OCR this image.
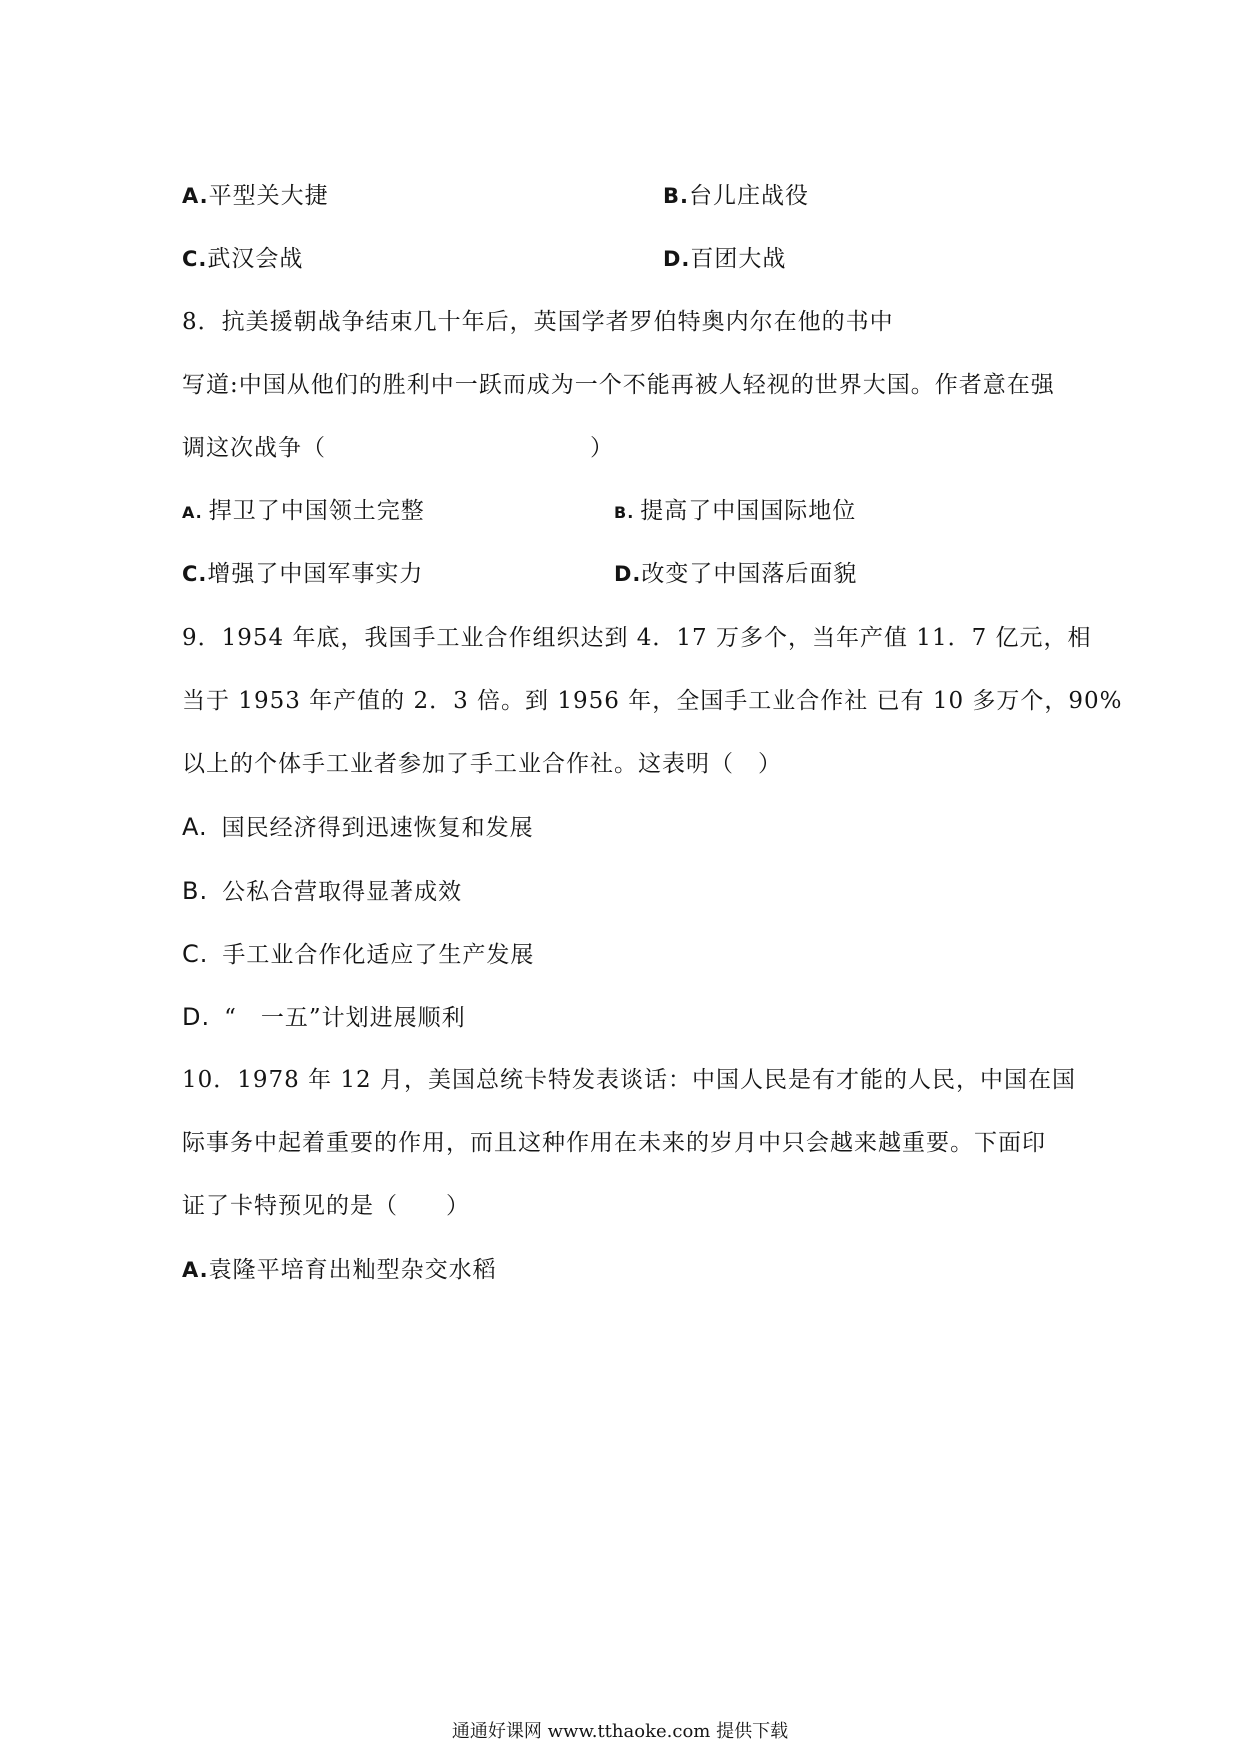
A.平型关大捷	B.台儿庄战役
C.武汉会战	D.百团大战
8．抗美援朝战争结束几十年后，英国学者罗伯特奥内尔在他的书中
写道:中国从他们的胜利中一跃而成为一个不能再被人轻视的世界大国。作者意在强
调这次战争（　　　　　　　　　　　）
A. 捍卫了中国领土完整	B. 提高了中国国际地位
C.增强了中国军事实力	D.改变了中国落后面貌
9．1954 年底，我国手工业合作组织达到 4．17 万多个，当年产值 11．7 亿元，相
当于 1953 年产值的 2．3 倍。到 1956 年，全国手工业合作社 已有 10 多万个，90%
以上的个体手工业者参加了手工业合作社。这表明（　）
A. 国民经济得到迅速恢复和发展
B. 公私合营取得显著成效
C. 手工业合作化适应了生产发展
D. “　一五”计划进展顺利
10．1978 年 12 月，美国总统卡特发表谈话：中国人民是有才能的人民，中国在国
际事务中起着重要的作用，而且这种作用在未来的岁月中只会越来越重要。下面印
证了卡特预见的是（　　）
A.袁隆平培育出籼型杂交水稻
通通好课网 www.tthaoke.com 提供下载
